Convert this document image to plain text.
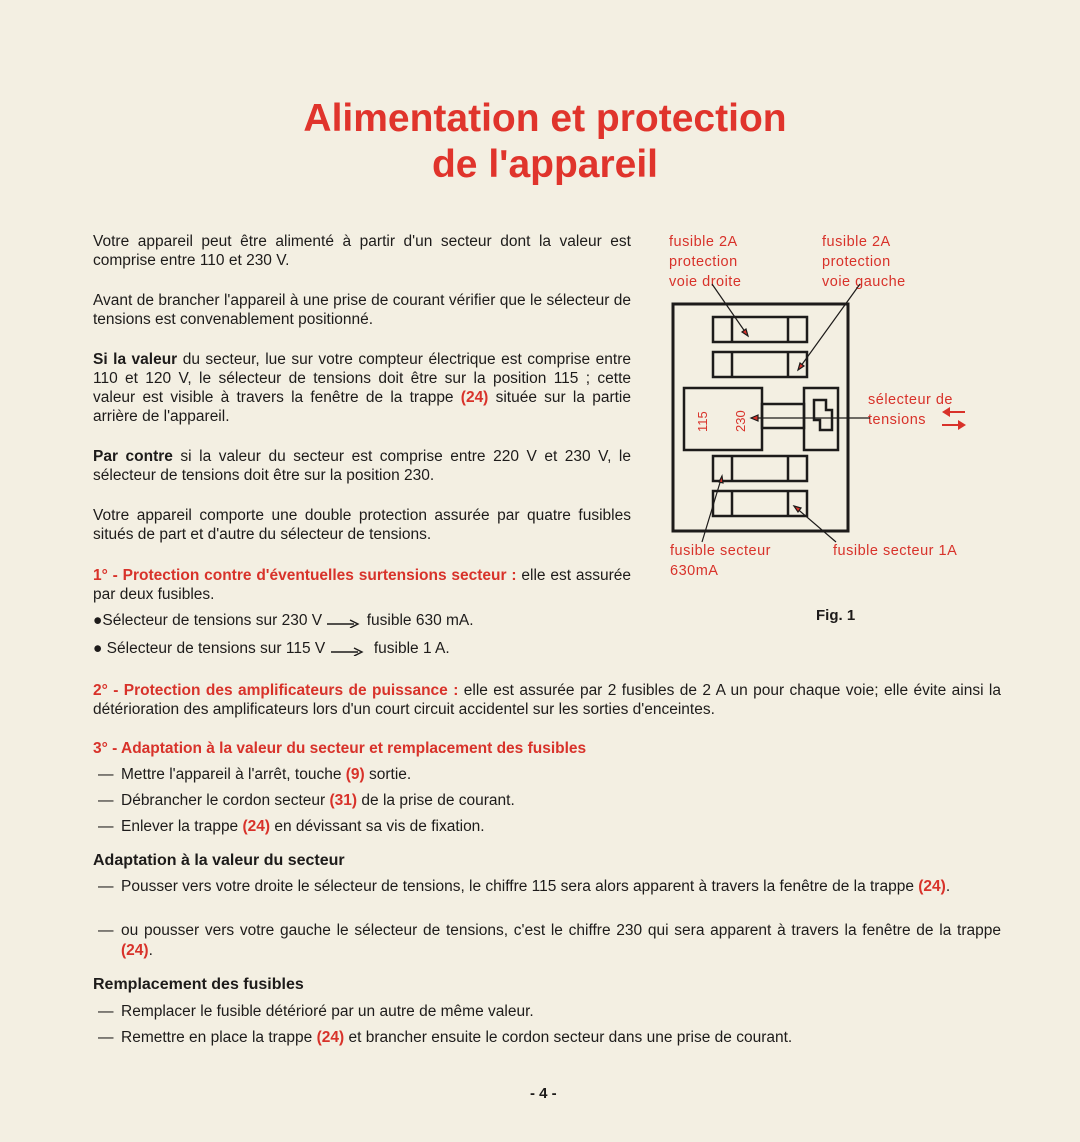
Alimentation et protection
de l'appareil
Votre appareil peut être alimenté à partir d'un secteur dont la valeur est comprise entre 110 et 230 V.
Avant de brancher l'appareil à une prise de courant vérifier que le sélecteur de tensions est convenablement positionné.
Si la valeur du secteur, lue sur votre compteur électrique est comprise entre 110 et 120 V, le sélecteur de tensions doit être sur la position 115 ; cette valeur est visible à travers la fenêtre de la trappe (24) située sur la partie arrière de l'appareil.
Par contre si la valeur du secteur est comprise entre 220 V et 230 V, le sélecteur de tensions doit être sur la position 230.
Votre appareil comporte une double protection assurée par quatre fusibles situés de part et d'autre du sélecteur de tensions.
1° - Protection contre d'éventuelles surtensions secteur : elle est assurée par deux fusibles.
●Sélecteur de tensions sur 230 V	fusible 630 mA.
● Sélecteur de tensions sur 115 V	fusible 1 A.
2° - Protection des amplificateurs de puissance : elle est assurée par 2 fusibles de 2 A un pour chaque voie; elle évite ainsi la détérioration des amplificateurs lors d'un court circuit accidentel sur les sorties d'enceintes.
3° - Adaptation à la valeur du secteur et remplacement des fusibles
— Mettre l'appareil à l'arrêt, touche (9) sortie.
— Débrancher le cordon secteur (31) de la prise de courant.
— Enlever la trappe (24) en dévissant sa vis de fixation.
Adaptation à la valeur du secteur
— Pousser vers votre droite le sélecteur de tensions, le chiffre 115 sera alors apparent à travers la fenêtre de la trappe (24).
— ou pousser vers votre gauche le sélecteur de tensions, c'est le chiffre 230 qui sera apparent à travers la fenêtre de la trappe (24).
Remplacement des fusibles
— Remplacer le fusible détérioré par un autre de même valeur.
— Remettre en place la trappe (24) et brancher ensuite le cordon secteur dans une prise de courant.
fusible 2A
protection
voie droite
fusible 2A
protection
voie gauche
sélecteur de
tensions
fusible secteur
630mA
fusible secteur 1A
115 230
Fig. 1
- 4 -
